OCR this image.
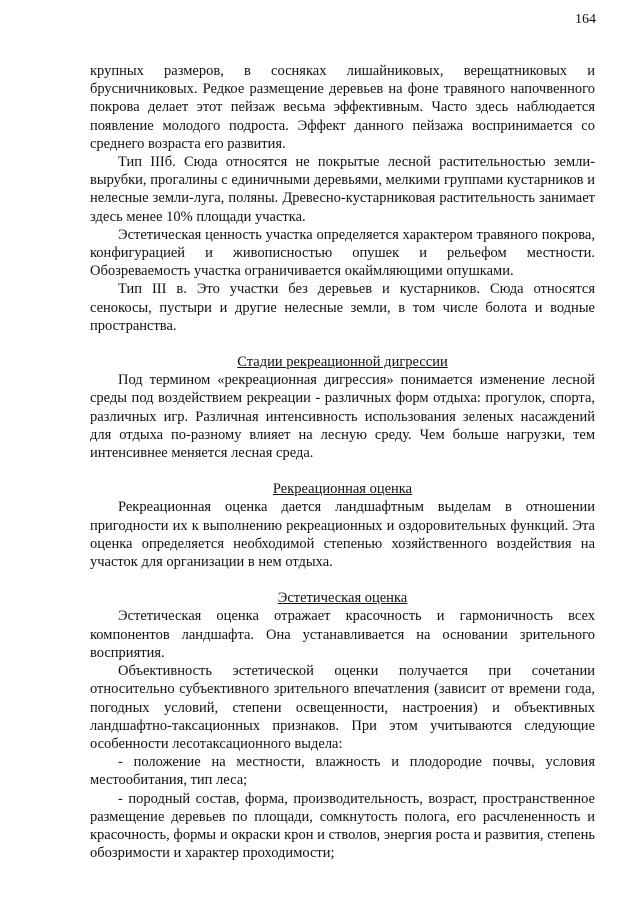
164

крупных размеров, в сосняках лишайниковых, верещатниковых и брусничниковых. Редкое размещение деревьев на фоне травяного напочвенного покрова делает этот пейзаж весьма эффективным. Часто здесь наблюдается появление молодого подроста. Эффект данного пейзажа воспринимается со среднего возраста его развития.

Тип IIIб. Сюда относятся не покрытые лесной растительностью земли-вырубки, прогалины с единичными деревьями, мелкими группами кустарников и нелесные земли-луга, поляны. Древесно-кустарниковая растительность занимает здесь менее 10% площади участка.

Эстетическая ценность участка определяется характером травяного покрова, конфигурацией и живописностью опушек и рельефом местности. Обозреваемость участка ограничивается окаймляющими опушками.

Тип III в. Это участки без деревьев и кустарников. Сюда относятся сенокосы, пустыри и другие нелесные земли, в том числе болота и водные пространства.

Стадии рекреационной дигрессии

Под термином «рекреационная дигрессия» понимается изменение лесной среды под воздействием рекреации - различных форм отдыха: прогулок, спорта, различных игр. Различная интенсивность использования зеленых насаждений для отдыха по-разному влияет на лесную среду. Чем больше нагрузки, тем интенсивнее меняется лесная среда.

Рекреационная оценка

Рекреационная оценка дается ландшафтным выделам в отношении пригодности их к выполнению рекреационных и оздоровительных функций. Эта оценка определяется необходимой степенью хозяйственного воздействия на участок для организации в нем отдыха.

Эстетическая оценка

Эстетическая оценка отражает красочность и гармоничность всех компонентов ландшафта. Она устанавливается на основании зрительного восприятия.

Объективность эстетической оценки получается при сочетании относительно субъективного зрительного впечатления (зависит от времени года, погодных условий, степени освещенности, настроения) и объективных ландшафтно-таксационных признаков. При этом учитываются следующие особенности лесотаксационного выдела:

- положение на местности, влажность и плодородие почвы, условия местообитания, тип леса;

- породный состав, форма, производительность, возраст, пространственное размещение деревьев по площади, сомкнутость полога, его расчлененность и красочность, формы и окраски крон и стволов, энергия роста и развития, степень обозримости и характер проходимости;
